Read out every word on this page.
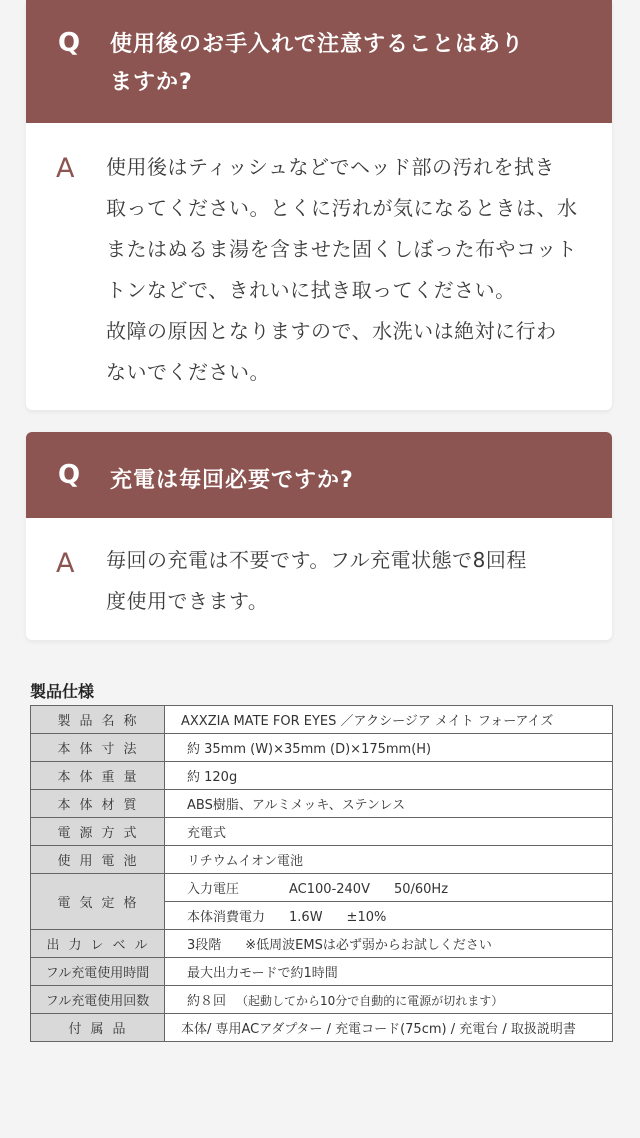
Q 使用後のお手入れで注意することはあり
ますか?
A 使用後はティッシュなどでヘッド部の汚れを拭き

取ってください。とくに汚れが気になるときは、水

またはぬるま湯を含ませた固くしぼった布やコット

トンなどで、きれいに拭き取ってください。

故障の原因となりますので、水洗いは絶対に行わ

ないでください。

Q 充電は毎回必要ですか?
A 毎回の充電は不要です。フル充電状態で8回程

度使用できます。

製品仕様
製品名称	AXXZIA MATE FOR EYES ／アクシージア メイト フォーアイズ
本体寸法	約 35mm (W)×35mm (D)×175mm(H)
本体重量	約 120g
本体材質	ABS樹脂、アルミメッキ、ステンレス
電源方式	充電式
使用電池	リチウムイオン電池
電気定格	入力電圧 AC100-240V 50/60Hz
	本体消費電力 1.6W ±10%
出力レベル	3段階 ※低周波EMSは必ず弱からお試しください
フル充電使用時間	最大出力モードで約1時間
フル充電使用回数	約８回 （起動してから10分で自動的に電源が切れます）
付属品	本体/ 専用ACアダプター / 充電コード(75cm) / 充電台 / 取扱説明書
